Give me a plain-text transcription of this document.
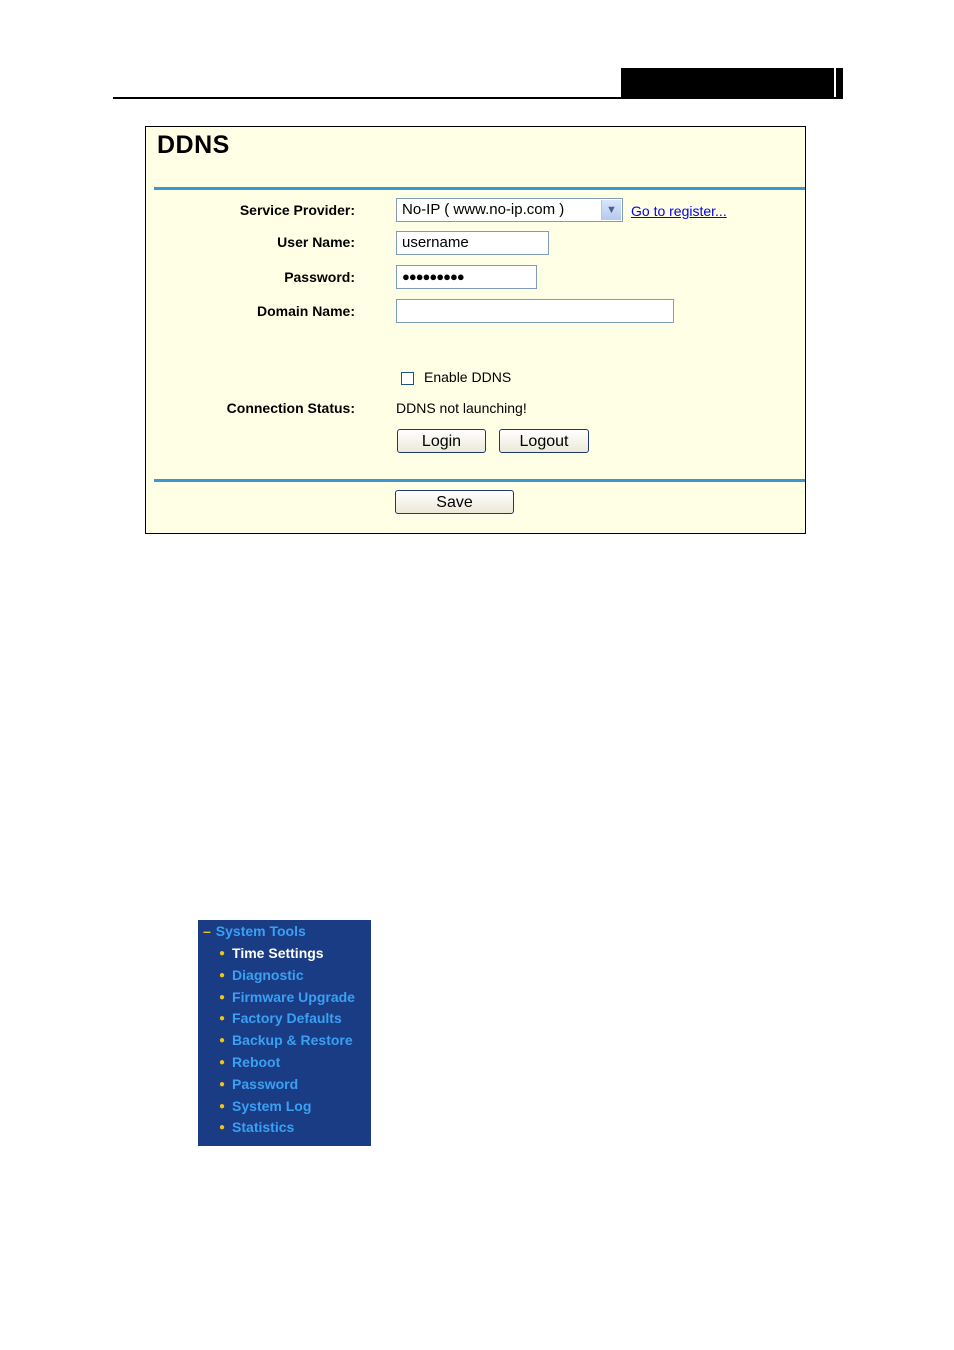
DDNS
Service Provider:	No-IP ( www.no-ip.com )	▼ Go to register...
User Name:	username
Password:	●●●●●●●●●
Domain Name:
Enable DDNS
Connection Status:	DDNS not launching!
Login	Logout
Save
– System Tools
● Time Settings
● Diagnostic
● Firmware Upgrade
● Factory Defaults
● Backup & Restore
● Reboot
● Password
● System Log
● Statistics
